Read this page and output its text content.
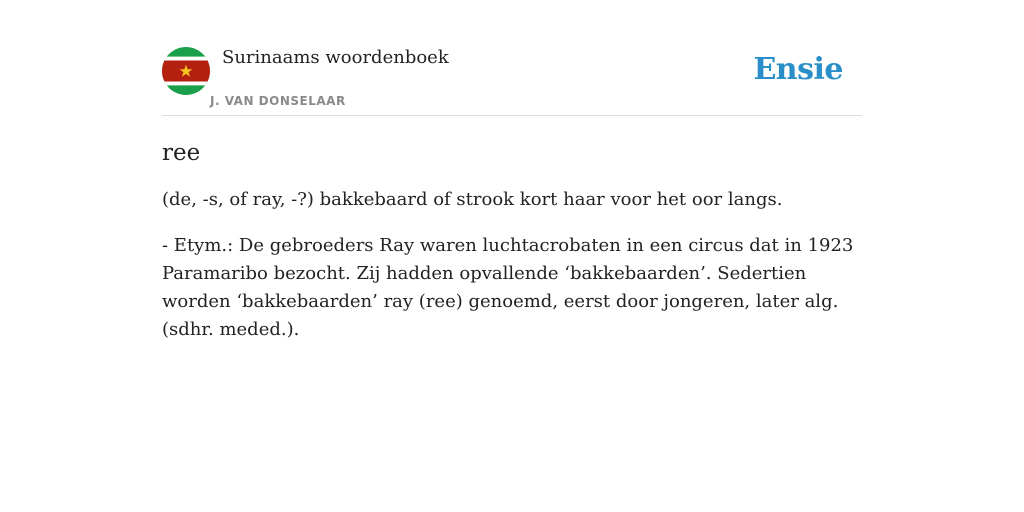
Surinaams woordenboek
J. VAN DONSELAAR
Ensie
ree

(de, -s, of ray, -?) bakkebaard of strook kort haar voor het oor langs.

- Etym.: De gebroeders Ray waren luchtacrobaten in een circus dat in 1923 Paramaribo bezocht. Zij hadden opvallende ‘bakkebaarden’. Sedertien worden ‘bakkebaarden’ ray (ree) genoemd, eerst door jongeren, later alg. (sdhr. meded.).
